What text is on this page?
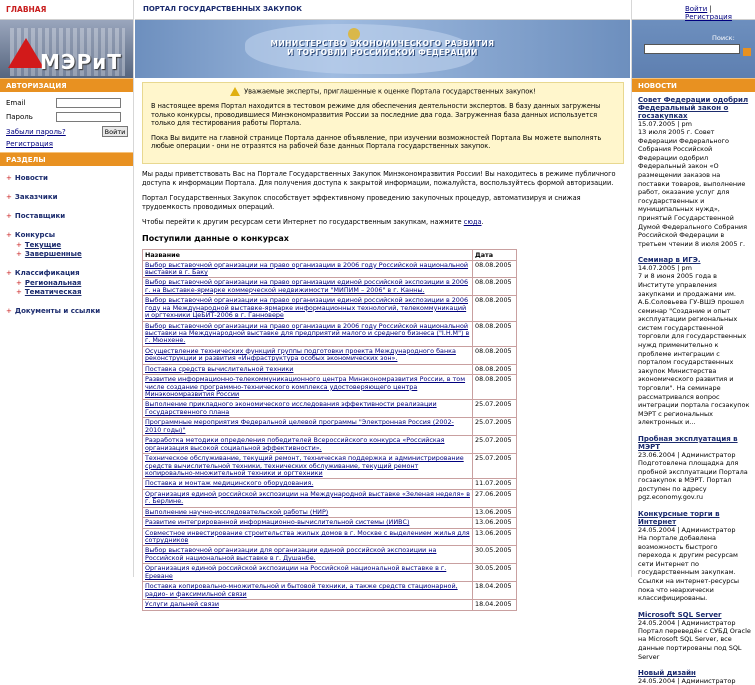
ГЛАВНАЯ
МЭРиТ
АВТОРИЗАЦИЯ
Email
Пароль
Забыли пароль?	Войти
Регистрация
РАЗДЕЛЫ
+ Новости
+ Заказчики
+ Поставщики
+ Конкурсы
+ Текущие
+ Завершенные
+ Классификация
+ Региональная
+ Тематическая
+ Документы и ссылки
ПОРТАЛ ГОСУДАРСТВЕННЫХ ЗАКУПОК
МИНИСТЕРСТВО ЭКОНОМИЧЕСКОГО РАЗВИТИЯ
И ТОРГОВЛИ РОССИЙСКОЙ ФЕДЕРАЦИИ
Войти | Регистрация
Поиск:
НОВОСТИ
Совет Федерации одобрил Федеральный закон о госзакупках
15.07.2005 | pm
13 июля 2005 г. Совет Федерации Федерального Собрания Российской Федерации одобрил Федеральный закон «О размещении заказов на поставки товаров, выполнение работ, оказание услуг для государственных и муниципальных нужд», принятый Государственной Думой Федерального Собрания Российской Федерации в третьем чтении 8 июля 2005 г.
Семинар в ИГЭ.
14.07.2005 | pm
7 и 8 июня 2005 года в Институте управления закупками и продажами им. А.Б.Соловьева ГУ-ВШЭ прошел семинар "Создание и опыт эксплуатации региональных систем государственной торговли для государственных нужд применительно к проблеме интеграции с порталом государственных закупок Министерства экономического развития и торговли". На семинаре рассматривался вопрос интеграции портала госзакупок МЭРТ с региональных электронных и...
Пробная эксплуатация в МЭРТ
23.06.2004 | Администратор
Подготовлена площадка для пробной эксплуатации Портала госзакупок в МЭРТ. Портал доступен по адресу pgz.economy.gov.ru
Конкурсные торги в Интернет
24.05.2004 | Администратор
На портале добавлена возможность быстрого перехода к другим ресурсам сети Интернет по государственным закупкам. Ссылки на интернет-ресурсы пока что неархически классифицированы.
Microsoft SQL Server
24.05.2004 | Администратор
Портал переведён с СУБД Oracle на Microsoft SQL Server, все данные портированы под SQL Server
Новый дизайн
24.05.2004 | Администратор
Уважаемые эксперты, приглашенные к оценке Портала государственных закупок!

В настоящее время Портал находится в тестовом режиме для обеспечения деятельности экспертов. В базу данных загружены только конкурсы, проводившиеся Минэкономразвития России за последние два года. Загруженная база данных используется только для тестирования работы Портала.

Пока Вы видите на главной странице Портала данное объявление, при изучении возможностей Портала Вы можете выполнять любые операции - они не отразятся на рабочей базе данных Портала государственных закупок.

Мы рады приветствовать Вас на Портале Государственных Закупок Минэкономразвития России! Вы находитесь в режиме публичного доступа к информации Портала. Для получения доступа к закрытой информации, пожалуйста, воспользуйтесь формой авторизации.

Портал Государственных Закупок способствует эффективному проведению закупочных процедур, автоматизируя и снижая трудоемкость проводимых операций.

Чтобы перейти к другим ресурсам сети Интернет по государственным закупкам, нажмите сюда.

Поступили данные о конкурсах
Название	Дата
Выбор выставочной организации на право организации в 2006 году Российской национальной выставки в г. Баку	08.08.2005
Выбор выставочной организации на право организации единой российской экспозиции в 2006 г. на Выставке-ярмарке коммерческой недвижимости "МИПИМ – 2006" в г. Канны.	08.08.2005
Выбор выставочной организации на право организации единой российской экспозиции в 2006 году на Международной выставке-ярмарке информационных технологий, телекоммуникаций и оргтехники ЦеБИТ-2006 в г. Ганновере	08.08.2005
Выбор выставочной организации на право организации в 2006 году Российской национальной выставки на Международной выставке для предприятий малого и среднего бизнеса ("I.H.M") в г. Мюнхене.	08.08.2005
Осуществление технических функций группы подготовки проекта Международного банка реконструкции и развития «Инфраструктура особых экономических зон».	08.08.2005
Поставка средств вычислительной техники	08.08.2005
Развитие информационно-телекоммуникационного центра Минэкономразвития России, в том числе создание программно-технического комплекса удостоверяющего центра Минэкономразвития России	08.08.2005
Выполнение прикладного экономического исследования эффективности реализации Государственного плана	25.07.2005
Программные мероприятия Федеральной целевой программы "Электронная Россия (2002-2010 годы)"	25.07.2005
Разработка методики определения победителей Всероссийского конкурса «Российская организация высокой социальной эффективности».	25.07.2005
Техническое обслуживание, текущий ремонт, техническая поддержка и администрирование средств вычислительной техники, технических обслуживание, текущий ремонт копировально-множительной техники и оргтехники	25.07.2005
Поставка и монтаж медицинского оборудования.	11.07.2005
Организация единой российской экспозиции на Международной выставке «Зеленая неделя» в г. Берлине.	27.06.2005
Выполнение научно-исследовательской работы (НИР)	13.06.2005
Развитие интегрированной информационно-вычислительной системы (ИИВС)	13.06.2005
Совместное инвестирование строительства жилых домов в г. Москве с выделением жилья для сотрудников	13.06.2005
Выбор выставочной организации для организации единой российской экспозиции на Российской национальной выставке в г. Душанбе.	30.05.2005
Организация единой российской экспозиции на Российской национальной выставке в г. Ереване	30.05.2005
Поставка копировально-множительной и бытовой техники, а также средств стационарной, радио- и факсимильной связи	18.04.2005
Услуги дальней связи	18.04.2005
